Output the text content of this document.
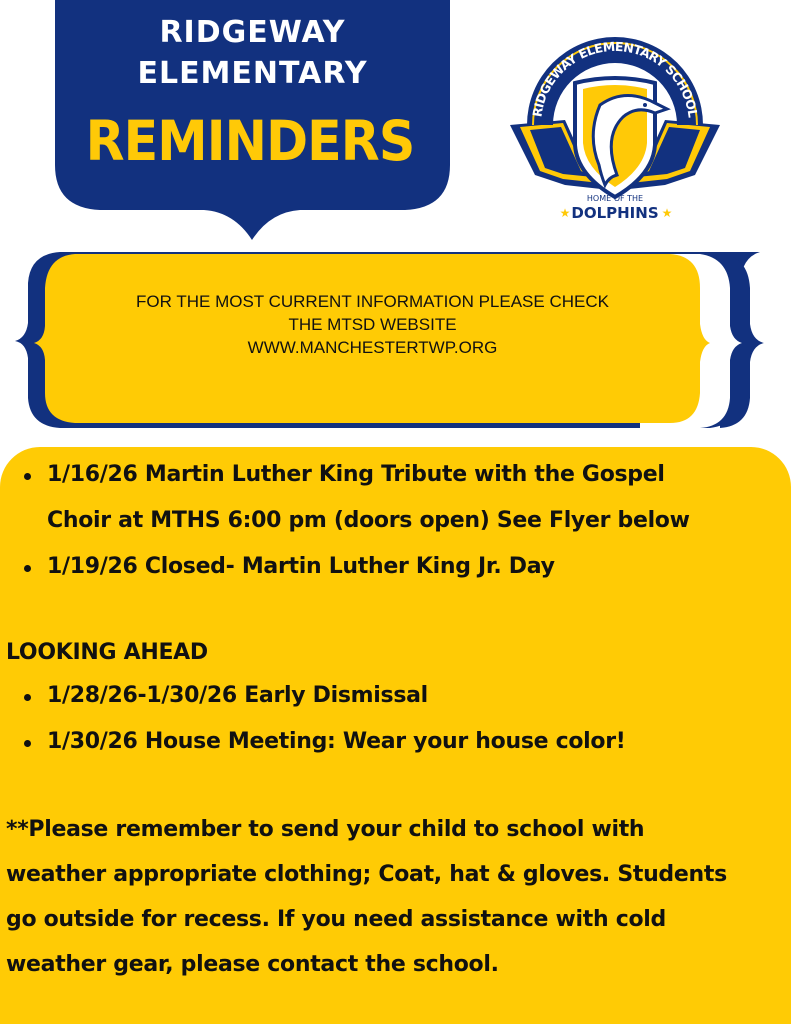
RIDGEWAY
ELEMENTARY
REMINDERS	RIDGEWAY ELEMENTARY SCHOOL
HOME OF THE
DOLPHINS
★	★
FOR THE MOST CURRENT INFORMATION PLEASE CHECK
THE MTSD WEBSITE
WWW.MANCHESTERTWP.ORG
1/16/26 Martin Luther King Tribute with the Gospel
Choir at MTHS 6:00 pm (doors open) See Flyer below
1/19/26 Closed- Martin Luther King Jr. Day
LOOKING AHEAD
1/28/26-1/30/26 Early Dismissal
1/30/26 House Meeting: Wear your house color!
**Please remember to send your child to school with
weather appropriate clothing; Coat, hat & gloves. Students
go outside for recess. If you need assistance with cold
weather gear, please contact the school.
